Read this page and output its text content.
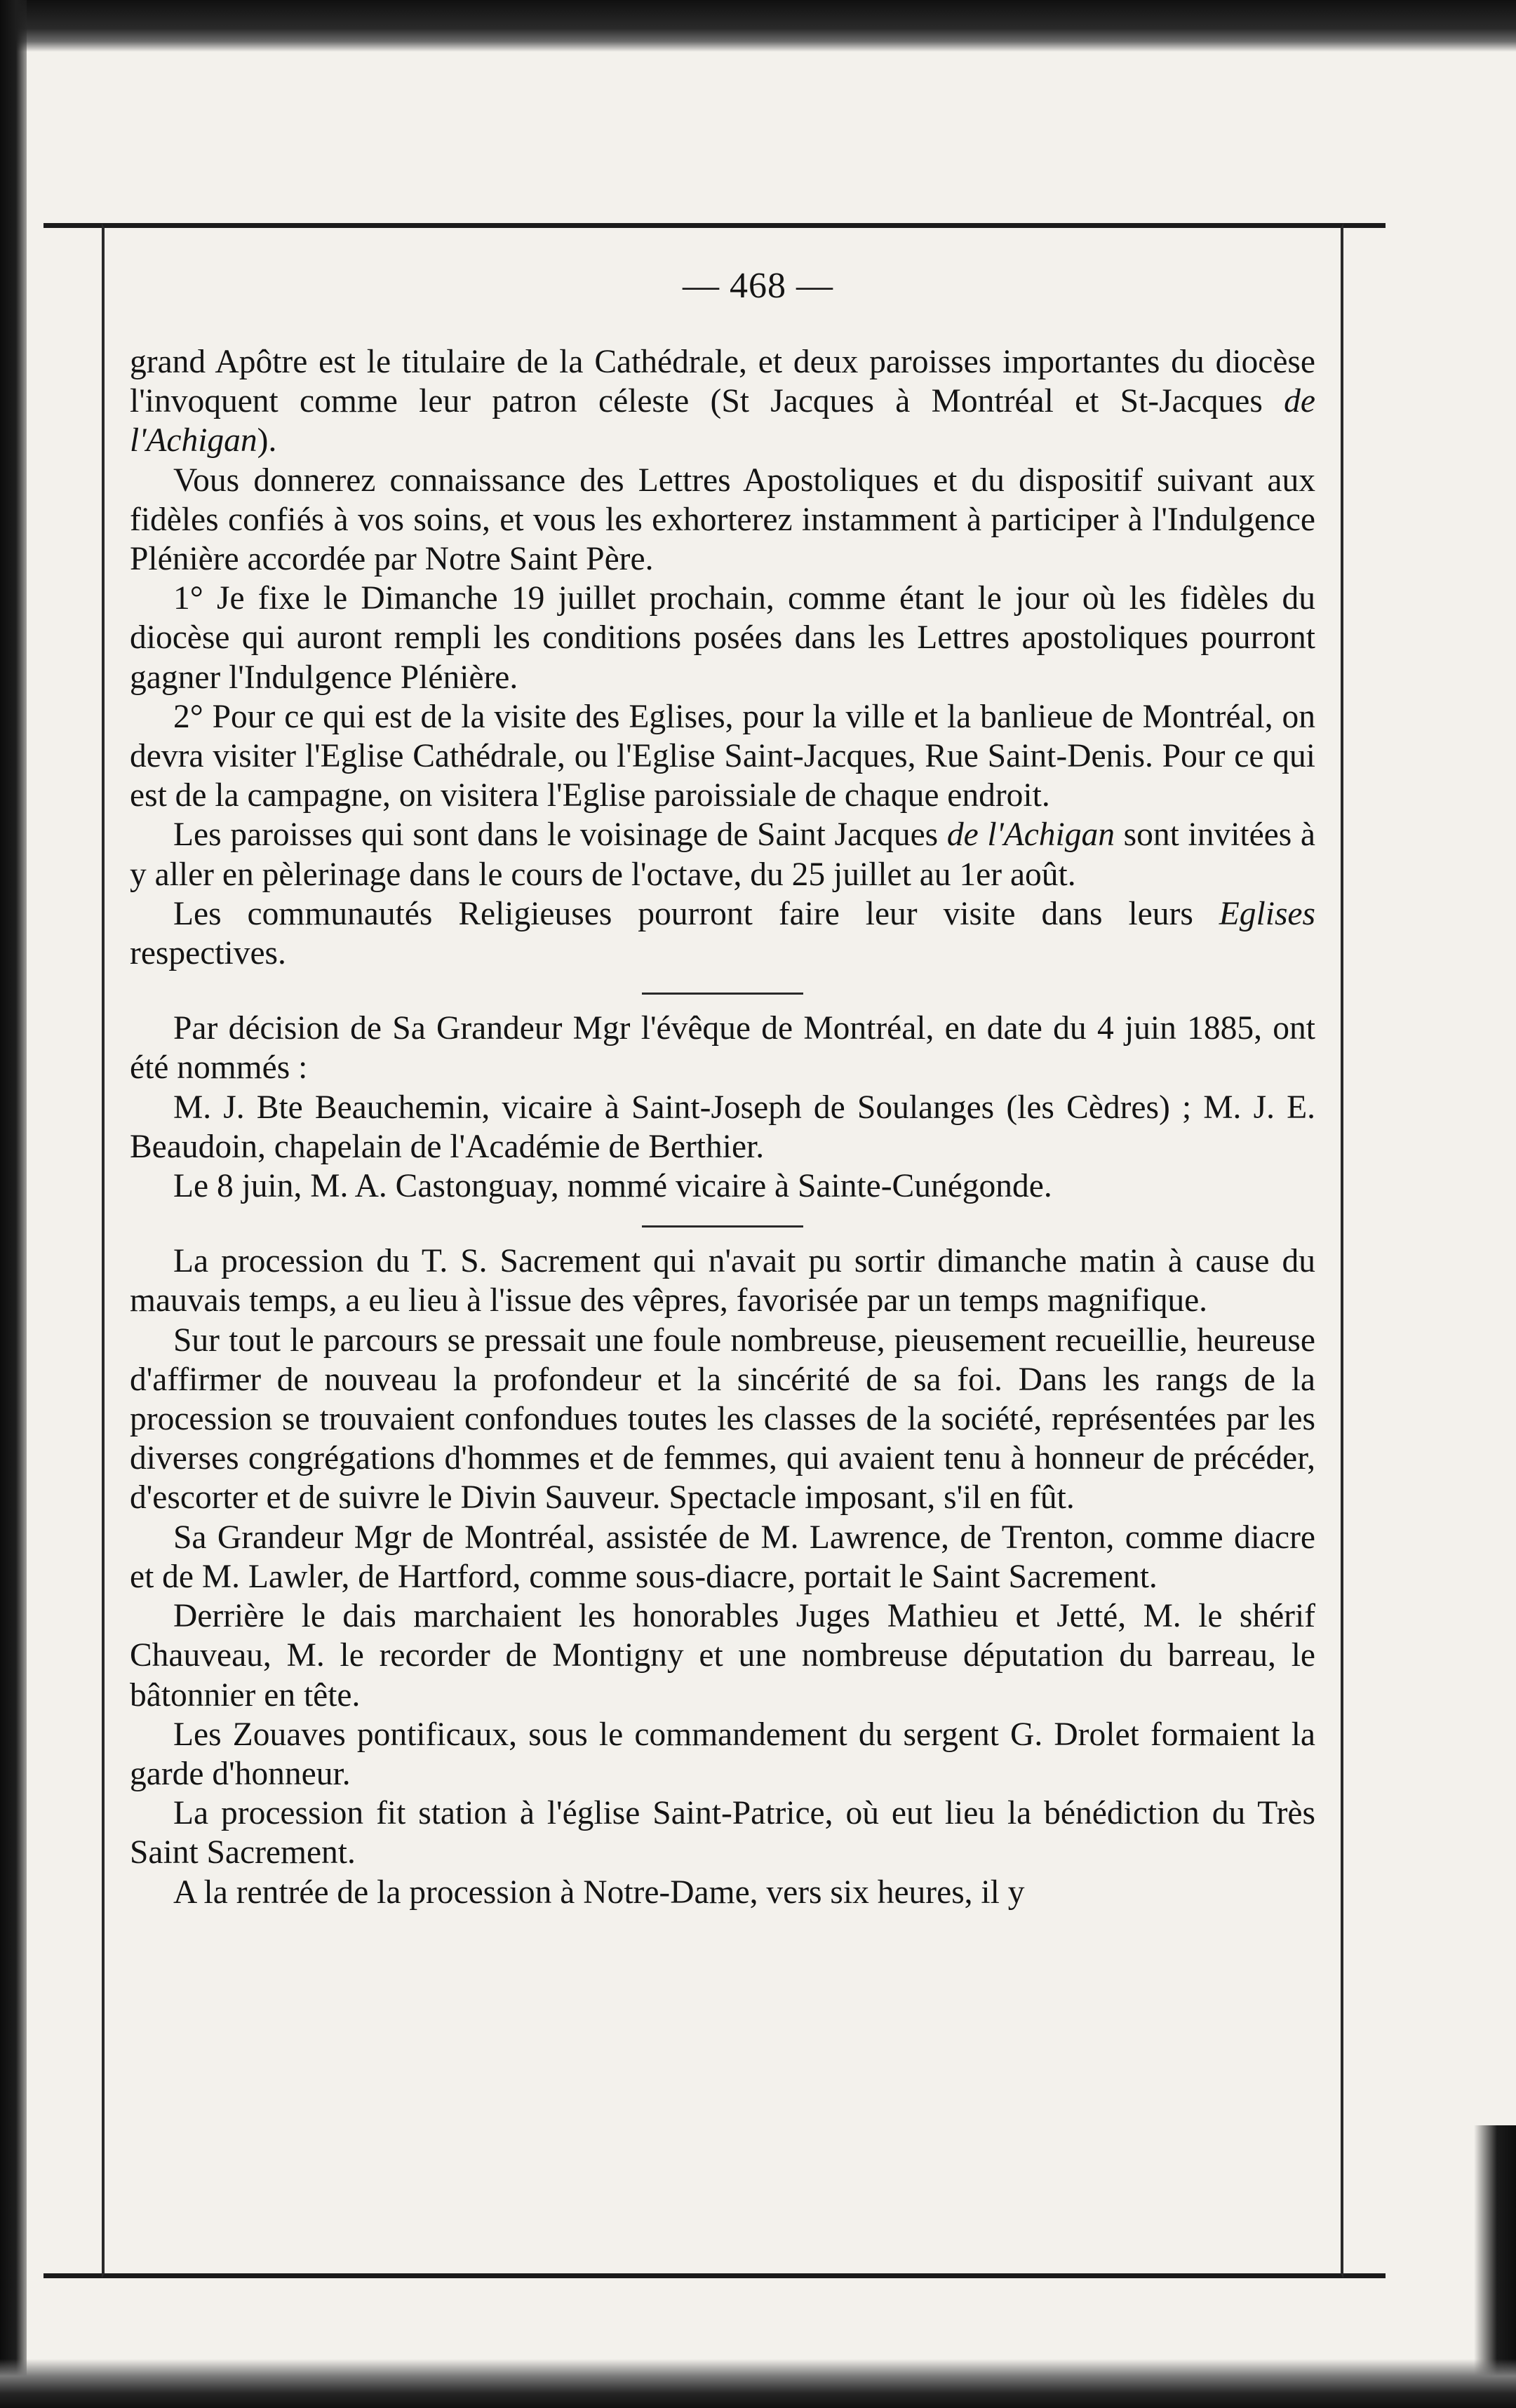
— 468 —

grand Apôtre est le titulaire de la Cathédrale, et deux paroisses importantes du diocèse l'invoquent comme leur patron céleste (St Jacques à Montréal et St-Jacques de l'Achigan).

Vous donnerez connaissance des Lettres Apostoliques et du dispositif suivant aux fidèles confiés à vos soins, et vous les exhorterez instamment à participer à l'Indulgence Plénière accordée par Notre Saint Père.

1° Je fixe le Dimanche 19 juillet prochain, comme étant le jour où les fidèles du diocèse qui auront rempli les conditions posées dans les Lettres apostoliques pourront gagner l'Indulgence Plénière.

2° Pour ce qui est de la visite des Eglises, pour la ville et la banlieue de Montréal, on devra visiter l'Eglise Cathédrale, ou l'Eglise Saint-Jacques, Rue Saint-Denis. Pour ce qui est de la campagne, on visitera l'Eglise paroissiale de chaque endroit.

Les paroisses qui sont dans le voisinage de Saint Jacques de l'Achigan sont invitées à y aller en pèlerinage dans le cours de l'octave, du 25 juillet au 1er août.

Les communautés Religieuses pourront faire leur visite dans leurs Eglises respectives.

Par décision de Sa Grandeur Mgr l'évêque de Montréal, en date du 4 juin 1885, ont été nommés :

M. J. Bte Beauchemin, vicaire à Saint-Joseph de Soulanges (les Cèdres) ; M. J. E. Beaudoin, chapelain de l'Académie de Berthier.

Le 8 juin, M. A. Castonguay, nommé vicaire à Sainte-Cunégonde.

La procession du T. S. Sacrement qui n'avait pu sortir dimanche matin à cause du mauvais temps, a eu lieu à l'issue des vêpres, favorisée par un temps magnifique.

Sur tout le parcours se pressait une foule nombreuse, pieusement recueillie, heureuse d'affirmer de nouveau la profondeur et la sincérité de sa foi. Dans les rangs de la procession se trouvaient confondues toutes les classes de la société, représentées par les diverses congrégations d'hommes et de femmes, qui avaient tenu à honneur de précéder, d'escorter et de suivre le Divin Sauveur. Spectacle imposant, s'il en fût.

Sa Grandeur Mgr de Montréal, assistée de M. Lawrence, de Trenton, comme diacre et de M. Lawler, de Hartford, comme sous-diacre, portait le Saint Sacrement.

Derrière le dais marchaient les honorables Juges Mathieu et Jetté, M. le shérif Chauveau, M. le recorder de Montigny et une nombreuse députation du barreau, le bâtonnier en tête.

Les Zouaves pontificaux, sous le commandement du sergent G. Drolet formaient la garde d'honneur.

La procession fit station à l'église Saint-Patrice, où eut lieu la bénédiction du Très Saint Sacrement.

A la rentrée de la procession à Notre-Dame, vers six heures, il y
